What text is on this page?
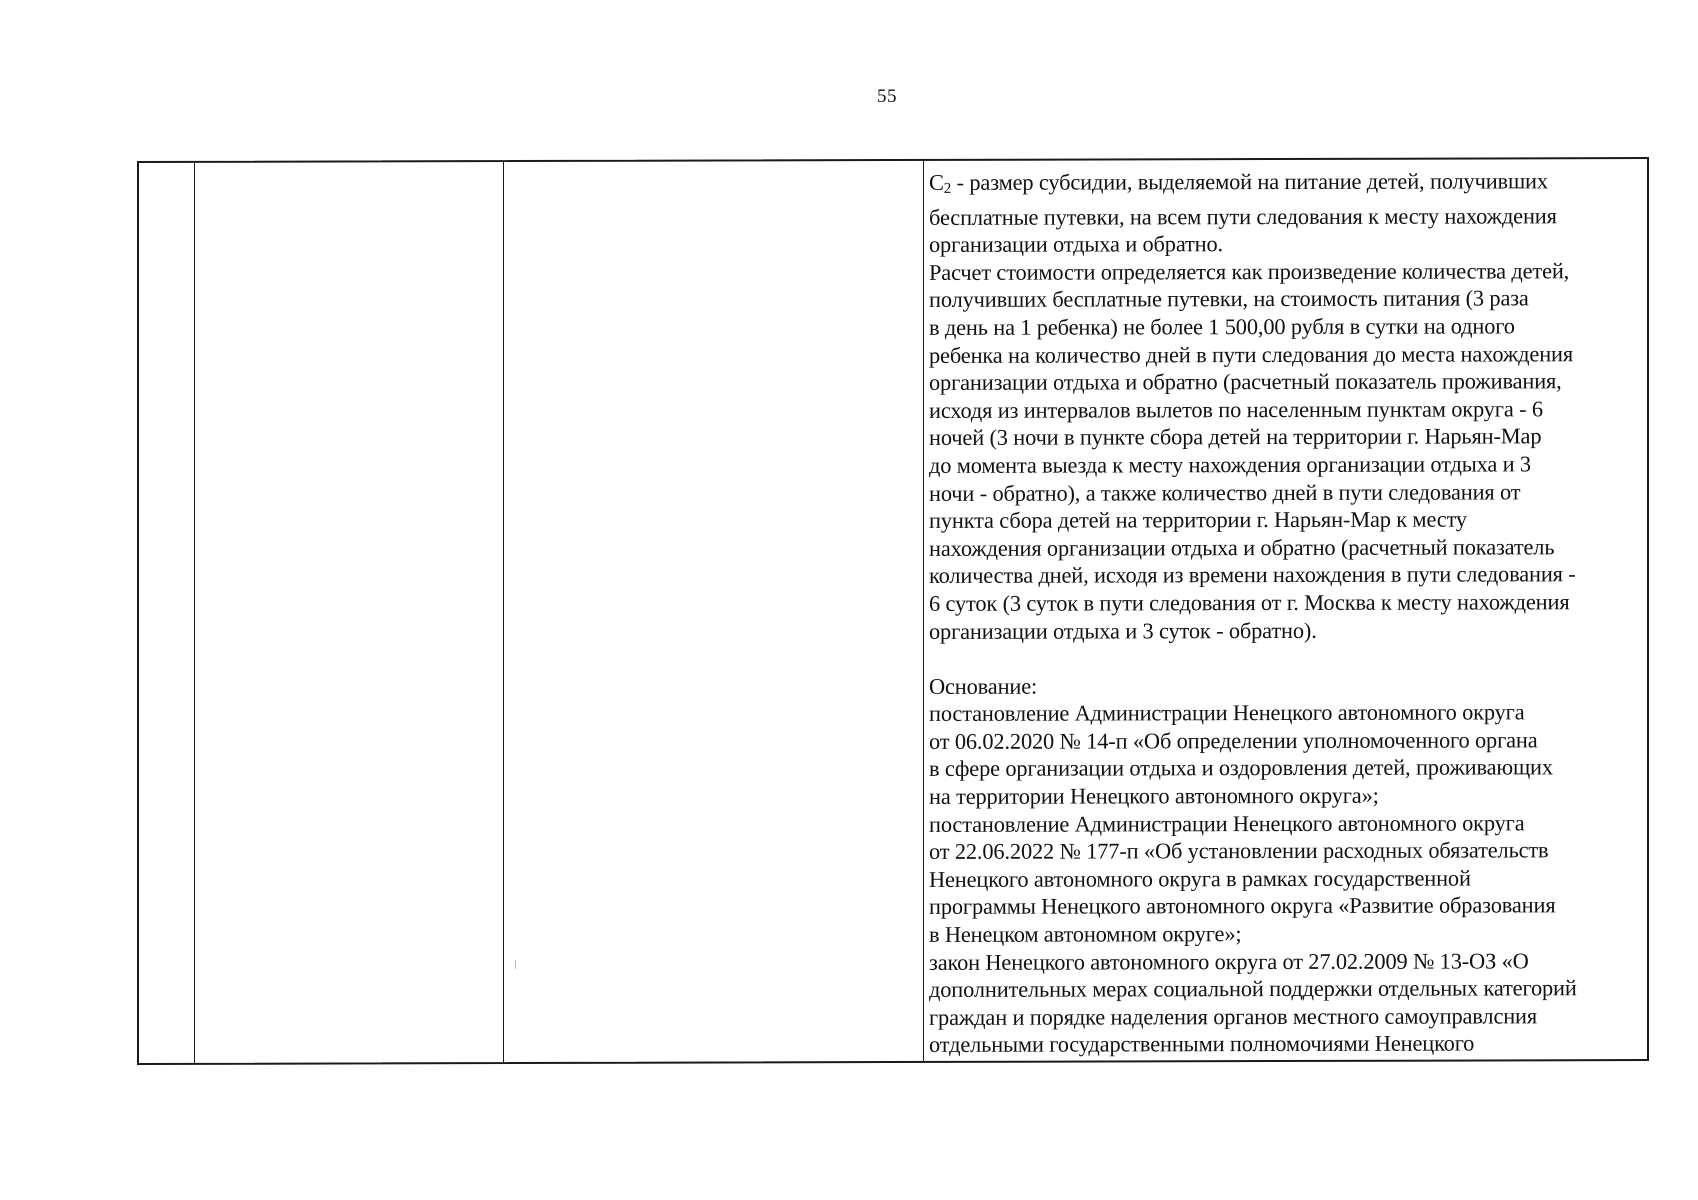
55
$С_2$ - размер субсидии, выделяемой на питание детей, получивших
бесплатные путевки, на всем пути следования к месту нахождения
организации отдыха и обратно.
Расчет стоимости определяется как произведение количества детей,
получивших бесплатные путевки, на стоимость питания (3 раза
в день на 1 ребенка) не более 1 500,00 рубля в сутки на одного
ребенка на количество дней в пути следования до места нахождения
организации отдыха и обратно (расчетный показатель проживания,
исходя из интервалов вылетов по населенным пунктам округа - 6
ночей (3 ночи в пункте сбора детей на территории г. Нарьян-Мар
до момента выезда к месту нахождения организации отдыха и 3
ночи - обратно), а также количество дней в пути следования от
пункта сбора детей на территории г. Нарьян-Мар к месту
нахождения организации отдыха и обратно (расчетный показатель
количества дней, исходя из времени нахождения в пути следования -
6 суток (3 суток в пути следования от г. Москва к месту нахождения
организации отдыха и 3 суток - обратно).
Основание:
постановление Администрации Ненецкого автономного округа
от 06.02.2020 № 14-п «Об определении уполномоченного органа
в сфере организации отдыха и оздоровления детей, проживающих
на территории Ненецкого автономного округа»;
постановление Администрации Ненецкого автономного округа
от 22.06.2022 № 177-п «Об установлении расходных обязательств
Ненецкого автономного округа в рамках государственной
программы Ненецкого автономного округа «Развитие образования
в Ненецком автономном округе»;
закон Ненецкого автономного округа от 27.02.2009 № 13-ОЗ «О
дополнительных мерах социальной поддержки отдельных категорий
граждан и порядке наделения органов местного самоуправлсния
отдельными государственными полномочиями Ненецкого
